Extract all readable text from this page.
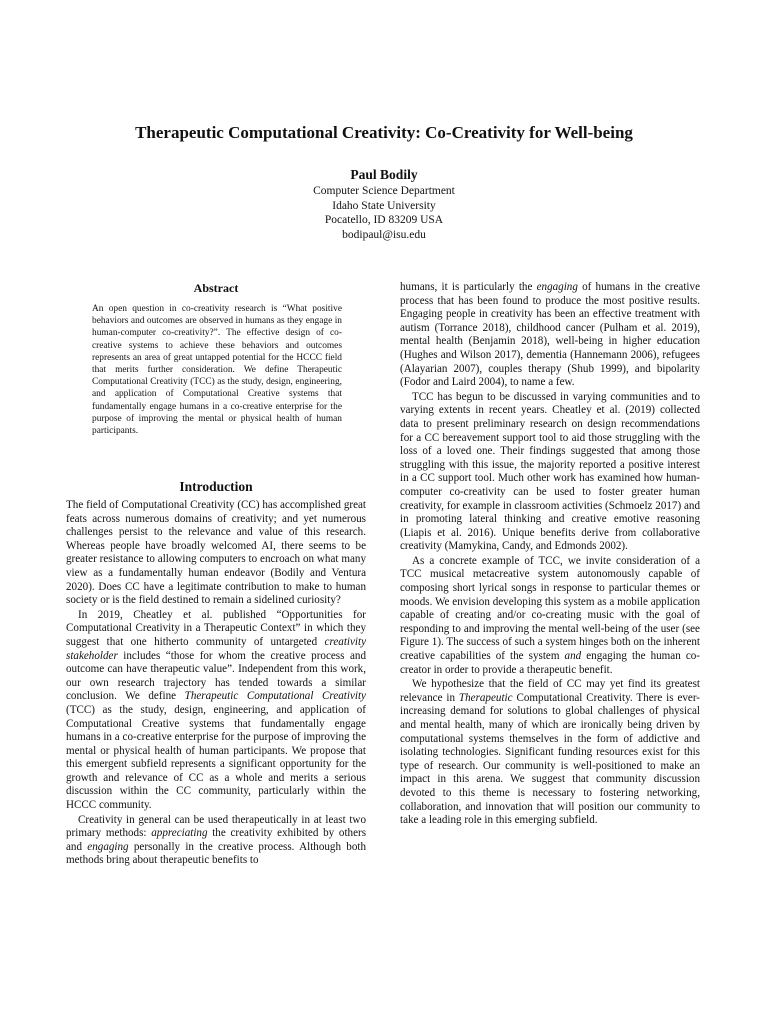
Therapeutic Computational Creativity: Co-Creativity for Well-being
Paul Bodily
Computer Science Department
Idaho State University
Pocatello, ID 83209 USA
bodipaul@isu.edu
Abstract

An open question in co-creativity research is “What positive behaviors and outcomes are observed in humans as they engage in human-computer co-creativity?”. The effective design of co-creative systems to achieve these behaviors and outcomes represents an area of great untapped potential for the HCCC field that merits further consideration. We define Therapeutic Computational Creativity (TCC) as the study, design, engineering, and application of Computational Creative systems that fundamentally engage humans in a co-creative enterprise for the purpose of improving the mental or physical health of human participants.

Introduction

The field of Computational Creativity (CC) has accomplished great feats across numerous domains of creativity; and yet numerous challenges persist to the relevance and value of this research. Whereas people have broadly welcomed AI, there seems to be greater resistance to allowing computers to encroach on what many view as a fundamentally human endeavor (Bodily and Ventura 2020). Does CC have a legitimate contribution to make to human society or is the field destined to remain a sidelined curiosity?

In 2019, Cheatley et al. published “Opportunities for Computational Creativity in a Therapeutic Context” in which they suggest that one hitherto community of untargeted creativity stakeholder includes “those for whom the creative process and outcome can have therapeutic value”. Independent from this work, our own research trajectory has tended towards a similar conclusion. We define Therapeutic Computational Creativity (TCC) as the study, design, engineering, and application of Computational Creative systems that fundamentally engage humans in a co-creative enterprise for the purpose of improving the mental or physical health of human participants. We propose that this emergent subfield represents a significant opportunity for the growth and relevance of CC as a whole and merits a serious discussion within the CC community, particularly within the HCCC community.

Creativity in general can be used therapeutically in at least two primary methods: appreciating the creativity exhibited by others and engaging personally in the creative process. Although both methods bring about therapeutic benefits to

humans, it is particularly the engaging of humans in the creative process that has been found to produce the most positive results. Engaging people in creativity has been an effective treatment with autism (Torrance 2018), childhood cancer (Pulham et al. 2019), mental health (Benjamin 2018), well-being in higher education (Hughes and Wilson 2017), dementia (Hannemann 2006), refugees (Alayarian 2007), couples therapy (Shub 1999), and bipolarity (Fodor and Laird 2004), to name a few.

TCC has begun to be discussed in varying communities and to varying extents in recent years. Cheatley et al. (2019) collected data to present preliminary research on design recommendations for a CC bereavement support tool to aid those struggling with the loss of a loved one. Their findings suggested that among those struggling with this issue, the majority reported a positive interest in a CC support tool. Much other work has examined how human-computer co-creativity can be used to foster greater human creativity, for example in classroom activities (Schmoelz 2017) and in promoting lateral thinking and creative emotive reasoning (Liapis et al. 2016). Unique benefits derive from collaborative creativity (Mamykina, Candy, and Edmonds 2002).

As a concrete example of TCC, we invite consideration of a TCC musical metacreative system autonomously capable of composing short lyrical songs in response to particular themes or moods. We envision developing this system as a mobile application capable of creating and/or co-creating music with the goal of responding to and improving the mental well-being of the user (see Figure 1). The success of such a system hinges both on the inherent creative capabilities of the system and engaging the human co-creator in order to provide a therapeutic benefit.

We hypothesize that the field of CC may yet find its greatest relevance in Therapeutic Computational Creativity. There is ever-increasing demand for solutions to global challenges of physical and mental health, many of which are ironically being driven by computational systems themselves in the form of addictive and isolating technologies. Significant funding resources exist for this type of research. Our community is well-positioned to make an impact in this arena. We suggest that community discussion devoted to this theme is necessary to fostering networking, collaboration, and innovation that will position our community to take a leading role in this emerging subfield.
